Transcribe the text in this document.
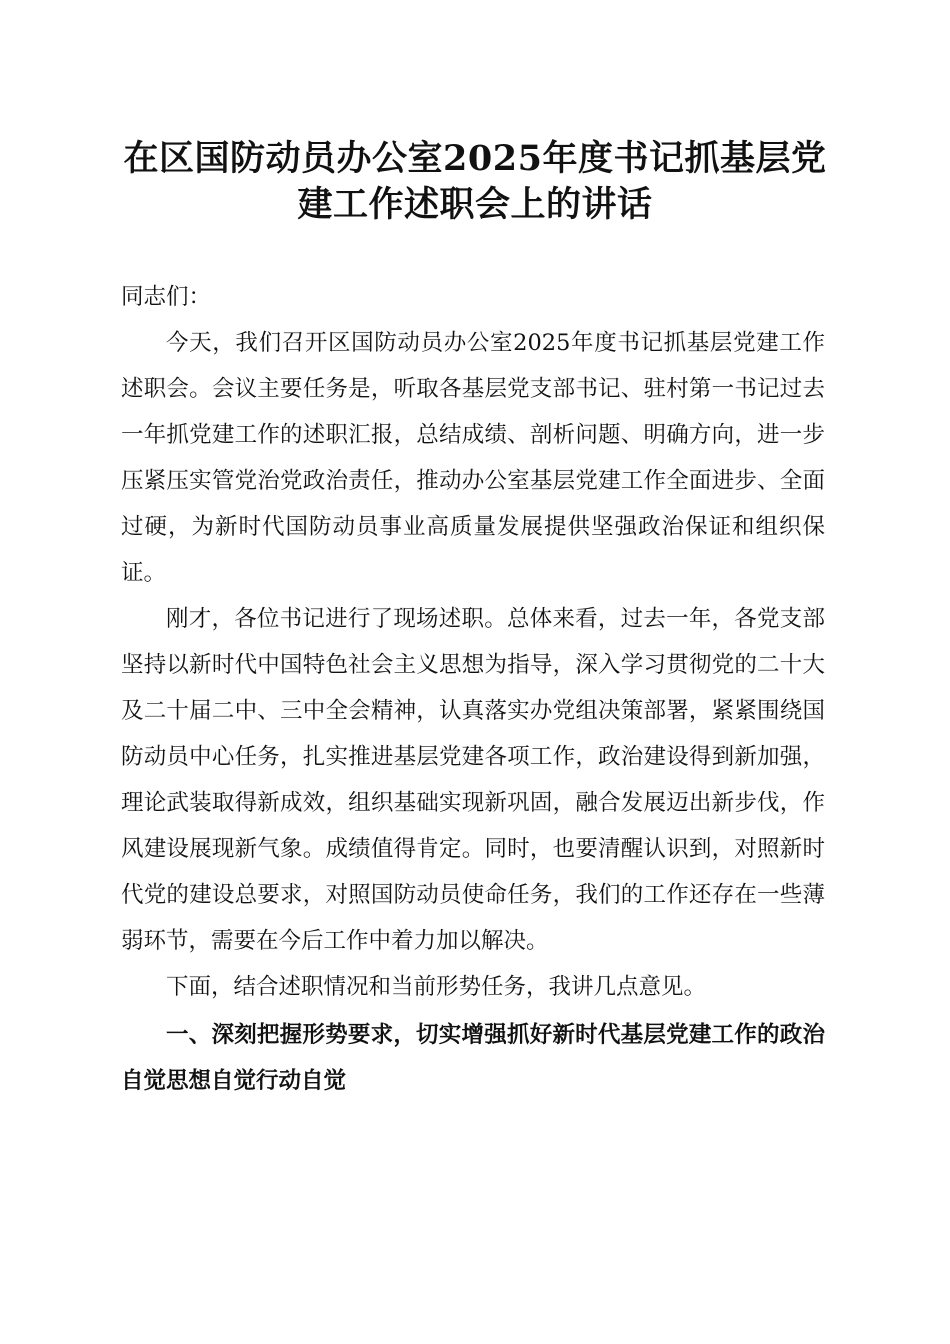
在区国防动员办公室2025年度书记抓基层党
建工作述职会上的讲话

同志们：

今天，我们召开区国防动员办公室2025年度书记抓基层党建工作述职会。会议主要任务是，听取各基层党支部书记、驻村第一书记过去一年抓党建工作的述职汇报，总结成绩、剖析问题、明确方向，进一步压紧压实管党治党政治责任，推动办公室基层党建工作全面进步、全面过硬，为新时代国防动员事业高质量发展提供坚强政治保证和组织保证。

刚才，各位书记进行了现场述职。总体来看，过去一年，各党支部坚持以新时代中国特色社会主义思想为指导，深入学习贯彻党的二十大及二十届二中、三中全会精神，认真落实办党组决策部署，紧紧围绕国防动员中心任务，扎实推进基层党建各项工作，政治建设得到新加强，理论武装取得新成效，组织基础实现新巩固，融合发展迈出新步伐，作风建设展现新气象。成绩值得肯定。同时，也要清醒认识到，对照新时代党的建设总要求，对照国防动员使命任务，我们的工作还存在一些薄弱环节，需要在今后工作中着力加以解决。

下面，结合述职情况和当前形势任务，我讲几点意见。

一、深刻把握形势要求，切实增强抓好新时代基层党建工作的政治自觉思想自觉行动自觉
